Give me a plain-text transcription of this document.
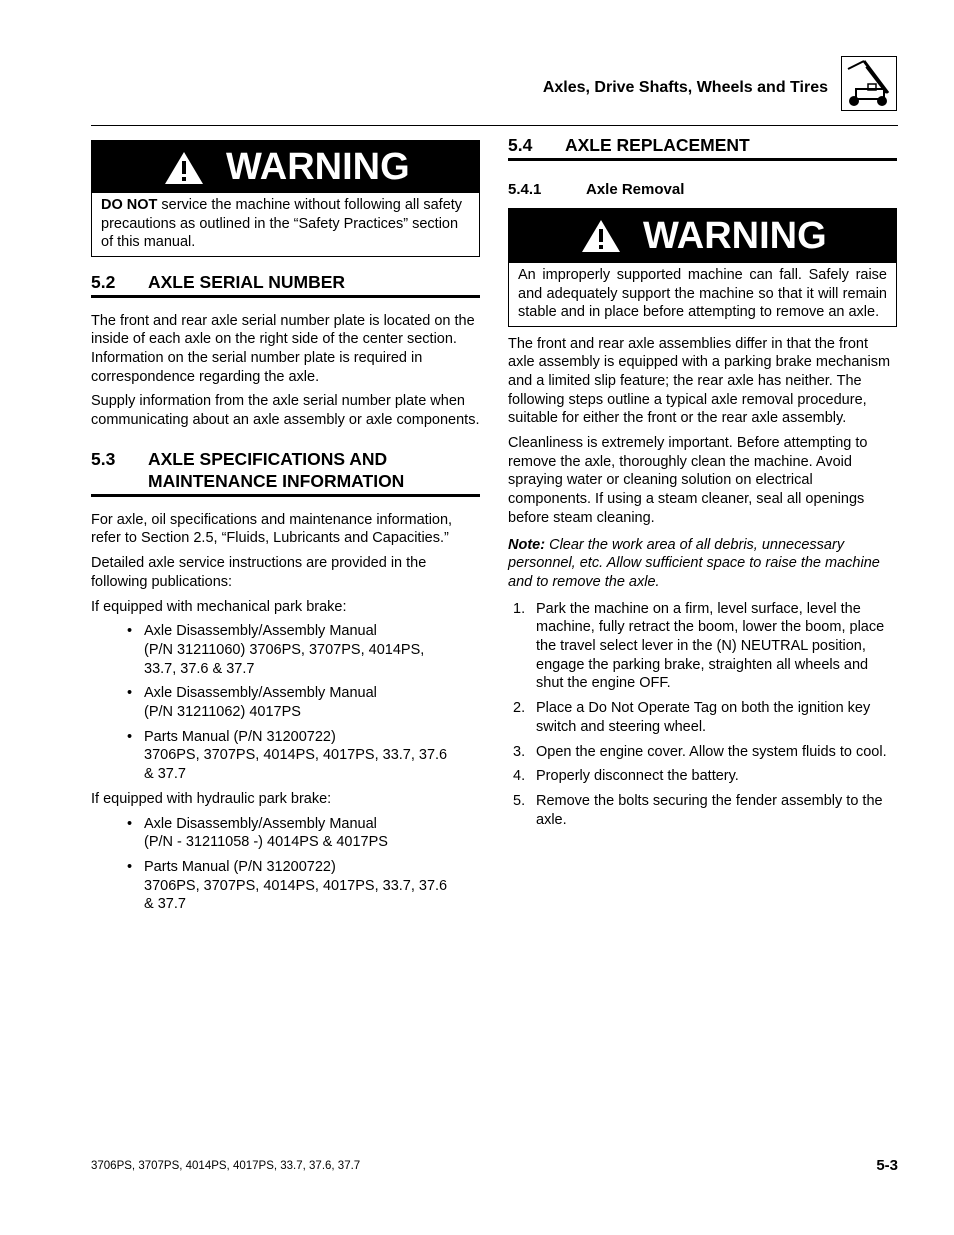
Axles, Drive Shafts, Wheels and Tires
WARNING
DO NOT service the machine without following all safety precautions as outlined in the “Safety Practices” section of this manual.
5.2	AXLE SERIAL NUMBER

The front and rear axle serial number plate is located on the inside of each axle on the right side of the center section. Information on the serial number plate is required in correspondence regarding the axle.

Supply information from the axle serial number plate when communicating about an axle assembly or axle components.

5.3	AXLE SPECIFICATIONS AND
MAINTENANCE INFORMATION

For axle, oil specifications and maintenance information, refer to Section 2.5, “Fluids, Lubricants and Capacities.”

Detailed axle service instructions are provided in the following publications:

If equipped with mechanical park brake:

• Axle Disassembly/Assembly Manual
(P/N 31211060) 3706PS, 3707PS, 4014PS,
33.7, 37.6 & 37.7
• Axle Disassembly/Assembly Manual
(P/N 31211062) 4017PS
• Parts Manual (P/N 31200722)
3706PS, 3707PS, 4014PS, 4017PS, 33.7, 37.6
& 37.7

If equipped with hydraulic park brake:

• Axle Disassembly/Assembly Manual
(P/N - 31211058 -) 4014PS & 4017PS
• Parts Manual (P/N 31200722)
3706PS, 3707PS, 4014PS, 4017PS, 33.7, 37.6
& 37.7
5.4	AXLE REPLACEMENT
5.4.1	Axle Removal
WARNING
An improperly supported machine can fall. Safely raise and adequately support the machine so that it will remain stable and in place before attempting to remove an axle.

The front and rear axle assemblies differ in that the front axle assembly is equipped with a parking brake mechanism and a limited slip feature; the rear axle has neither. The following steps outline a typical axle removal procedure, suitable for either the front or the rear axle assembly.

Cleanliness is extremely important. Before attempting to remove the axle, thoroughly clean the machine. Avoid spraying water or cleaning solution on electrical components. If using a steam cleaner, seal all openings before steam cleaning.

Note: Clear the work area of all debris, unnecessary personnel, etc. Allow sufficient space to raise the machine and to remove the axle.
1. Park the machine on a firm, level surface, level the machine, fully retract the boom, lower the boom, place the travel select lever in the (N) NEUTRAL position, engage the parking brake, straighten all wheels and shut the engine OFF.
2. Place a Do Not Operate Tag on both the ignition key switch and steering wheel.
3. Open the engine cover. Allow the system fluids to cool.
4. Properly disconnect the battery.
5. Remove the bolts securing the fender assembly to the axle.
3706PS, 3707PS, 4014PS, 4017PS, 33.7, 37.6, 37.7	5-3
